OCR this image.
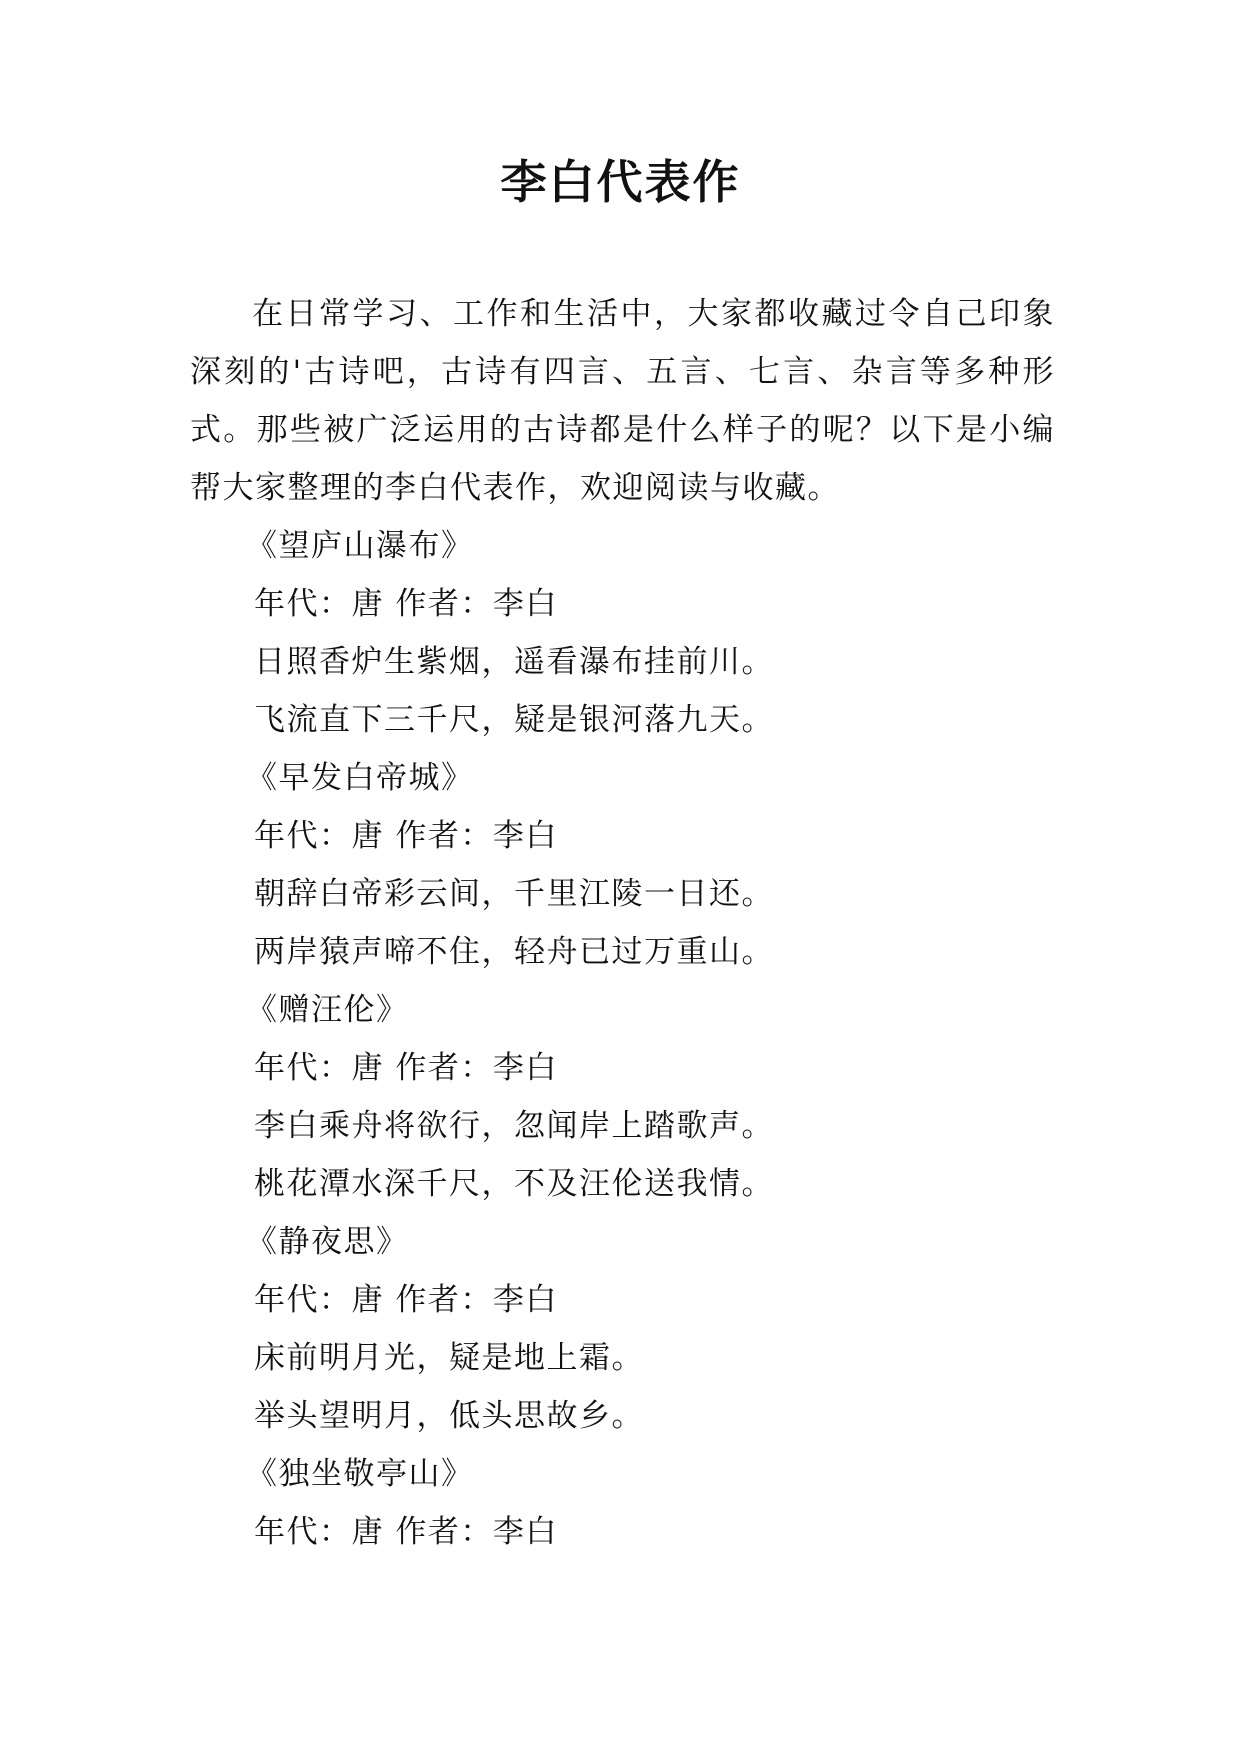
李白代表作

在日常学习、工作和生活中，大家都收藏过令自己印象深刻的'古诗吧，古诗有四言、五言、七言、杂言等多种形式。那些被广泛运用的古诗都是什么样子的呢？以下是小编帮大家整理的李白代表作，欢迎阅读与收藏。

《望庐山瀑布》

年代：唐 作者：李白

日照香炉生紫烟，遥看瀑布挂前川。

飞流直下三千尺，疑是银河落九天。

《早发白帝城》

年代：唐 作者：李白

朝辞白帝彩云间，千里江陵一日还。

两岸猿声啼不住，轻舟已过万重山。

《赠汪伦》

年代：唐 作者：李白

李白乘舟将欲行，忽闻岸上踏歌声。

桃花潭水深千尺，不及汪伦送我情。

《静夜思》

年代：唐 作者：李白

床前明月光，疑是地上霜。

举头望明月，低头思故乡。

《独坐敬亭山》

年代：唐 作者：李白
